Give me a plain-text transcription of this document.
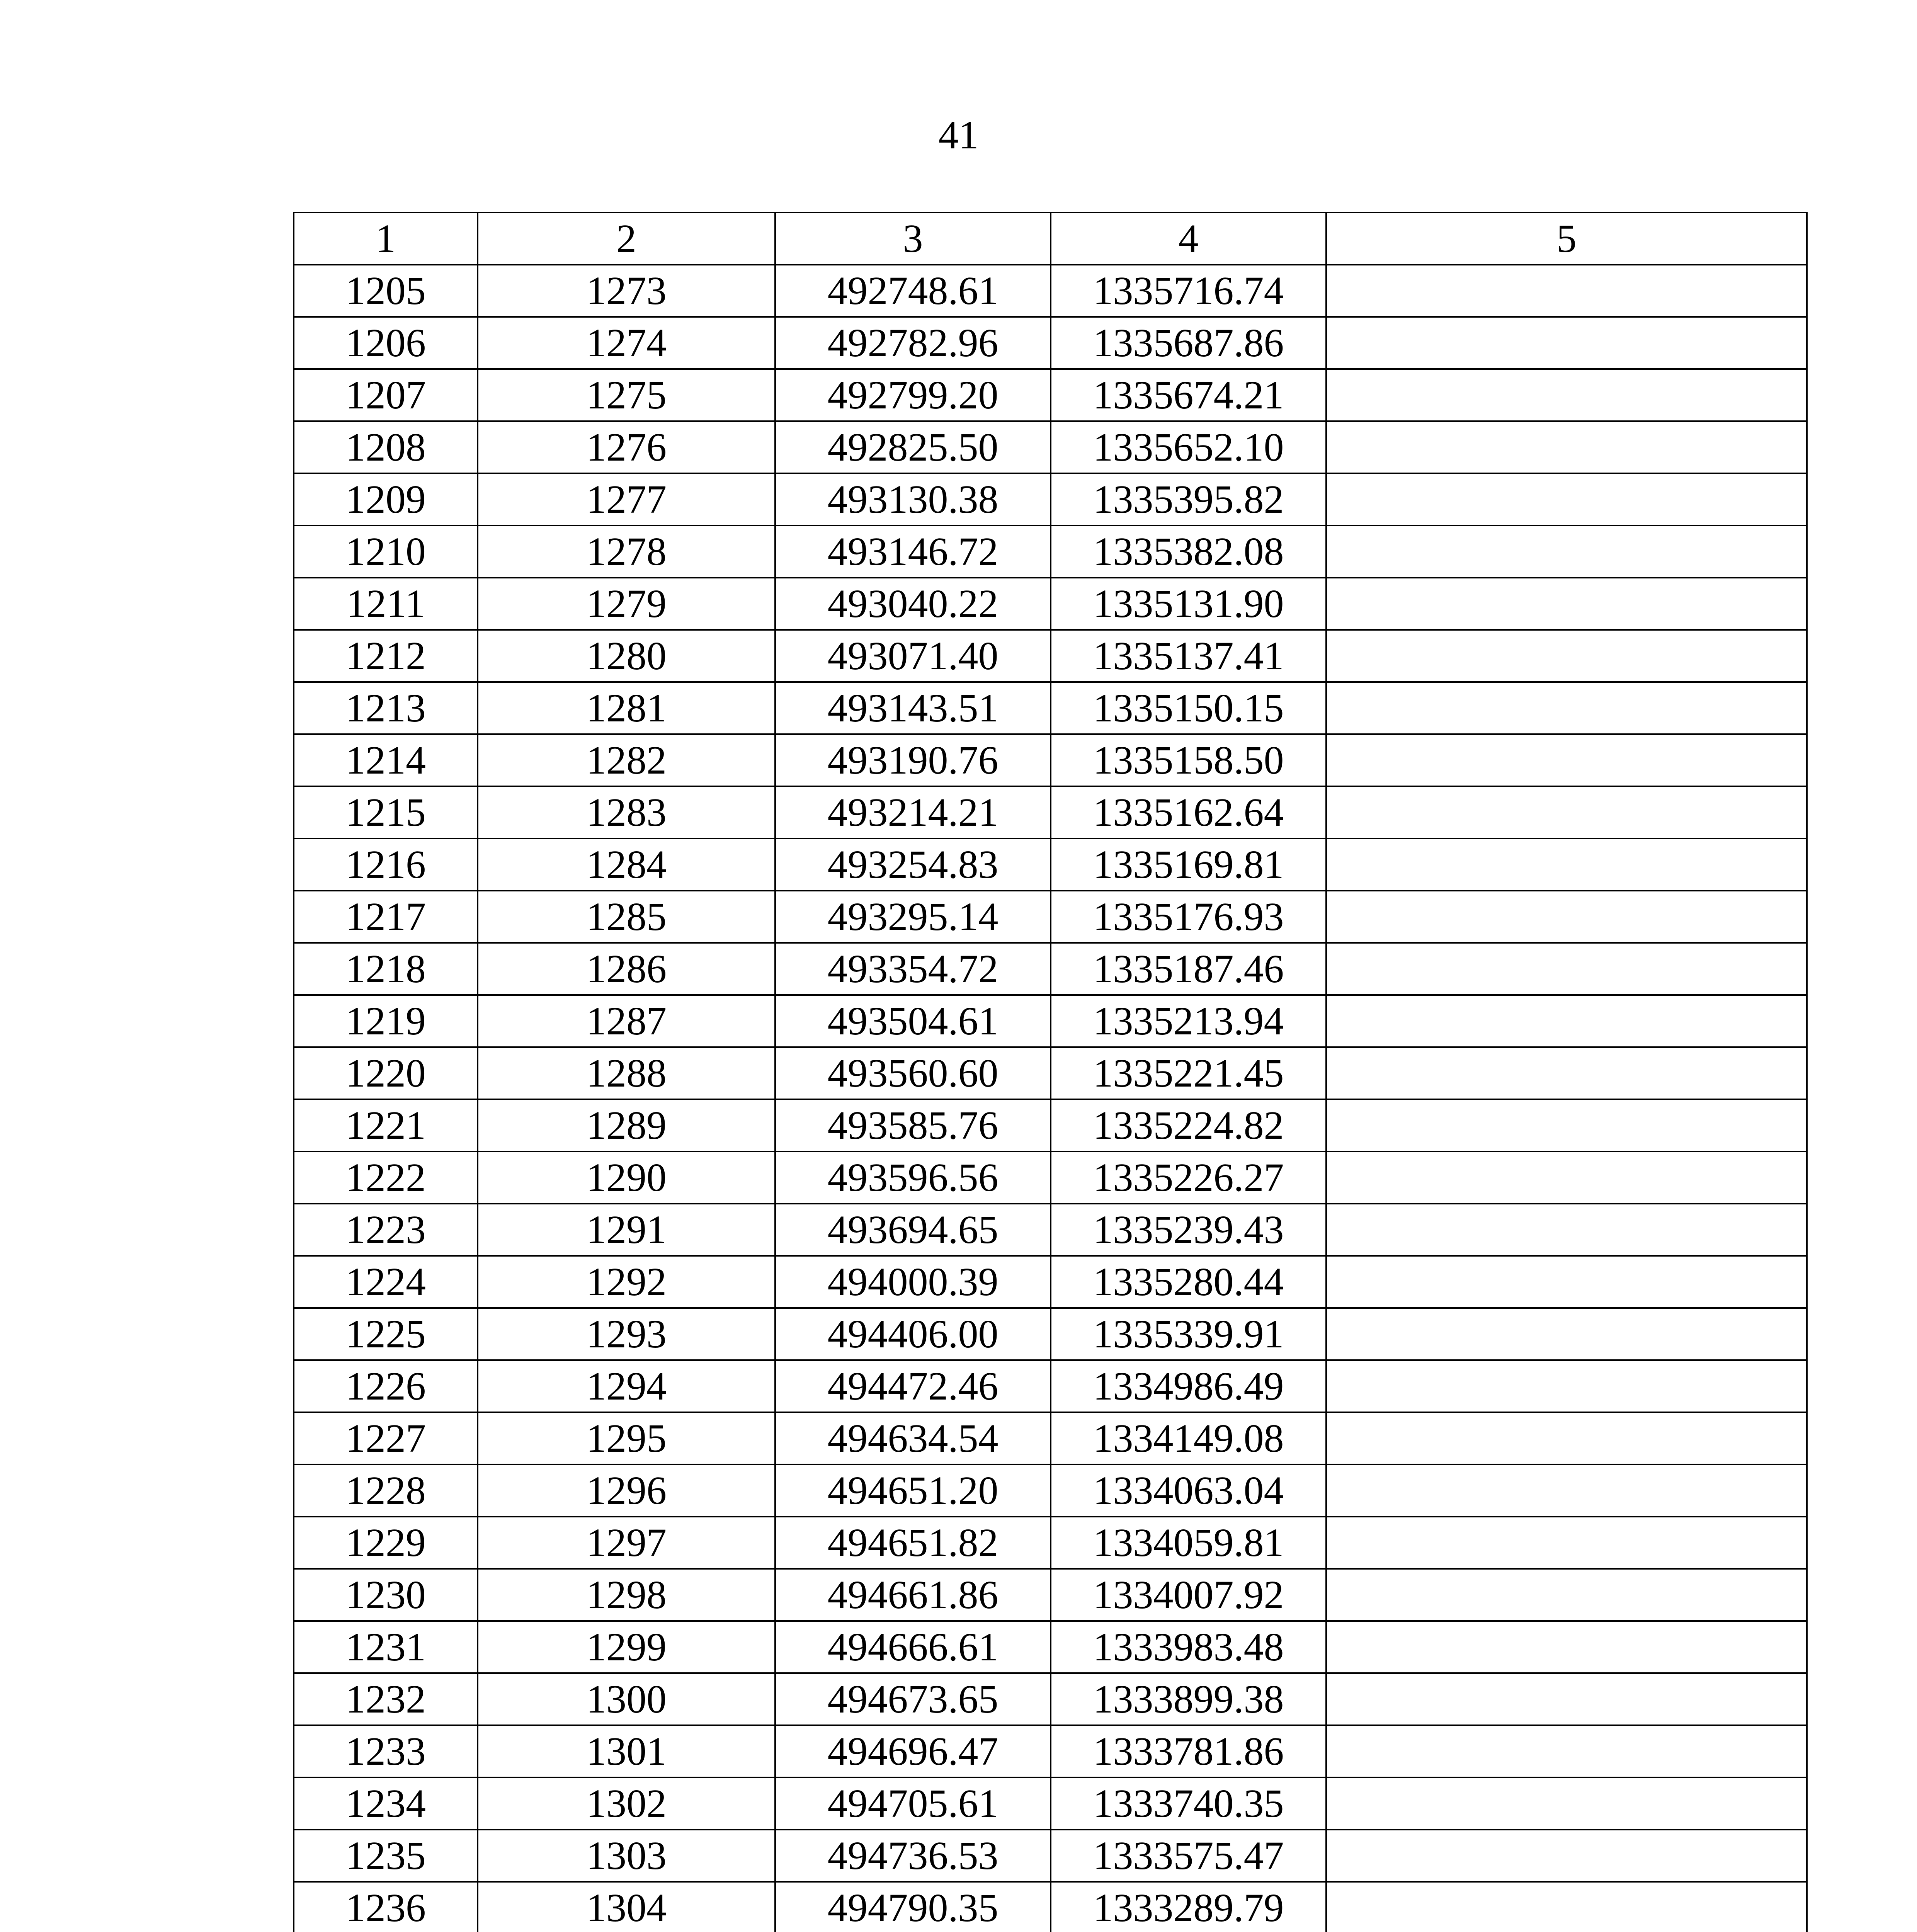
41
1	2	3	4	5
1205	1273	492748.61	1335716.74	
1206	1274	492782.96	1335687.86	
1207	1275	492799.20	1335674.21	
1208	1276	492825.50	1335652.10	
1209	1277	493130.38	1335395.82	
1210	1278	493146.72	1335382.08	
1211	1279	493040.22	1335131.90	
1212	1280	493071.40	1335137.41	
1213	1281	493143.51	1335150.15	
1214	1282	493190.76	1335158.50	
1215	1283	493214.21	1335162.64	
1216	1284	493254.83	1335169.81	
1217	1285	493295.14	1335176.93	
1218	1286	493354.72	1335187.46	
1219	1287	493504.61	1335213.94	
1220	1288	493560.60	1335221.45	
1221	1289	493585.76	1335224.82	
1222	1290	493596.56	1335226.27	
1223	1291	493694.65	1335239.43	
1224	1292	494000.39	1335280.44	
1225	1293	494406.00	1335339.91	
1226	1294	494472.46	1334986.49	
1227	1295	494634.54	1334149.08	
1228	1296	494651.20	1334063.04	
1229	1297	494651.82	1334059.81	
1230	1298	494661.86	1334007.92	
1231	1299	494666.61	1333983.48	
1232	1300	494673.65	1333899.38	
1233	1301	494696.47	1333781.86	
1234	1302	494705.61	1333740.35	
1235	1303	494736.53	1333575.47	
1236	1304	494790.35	1333289.79	
